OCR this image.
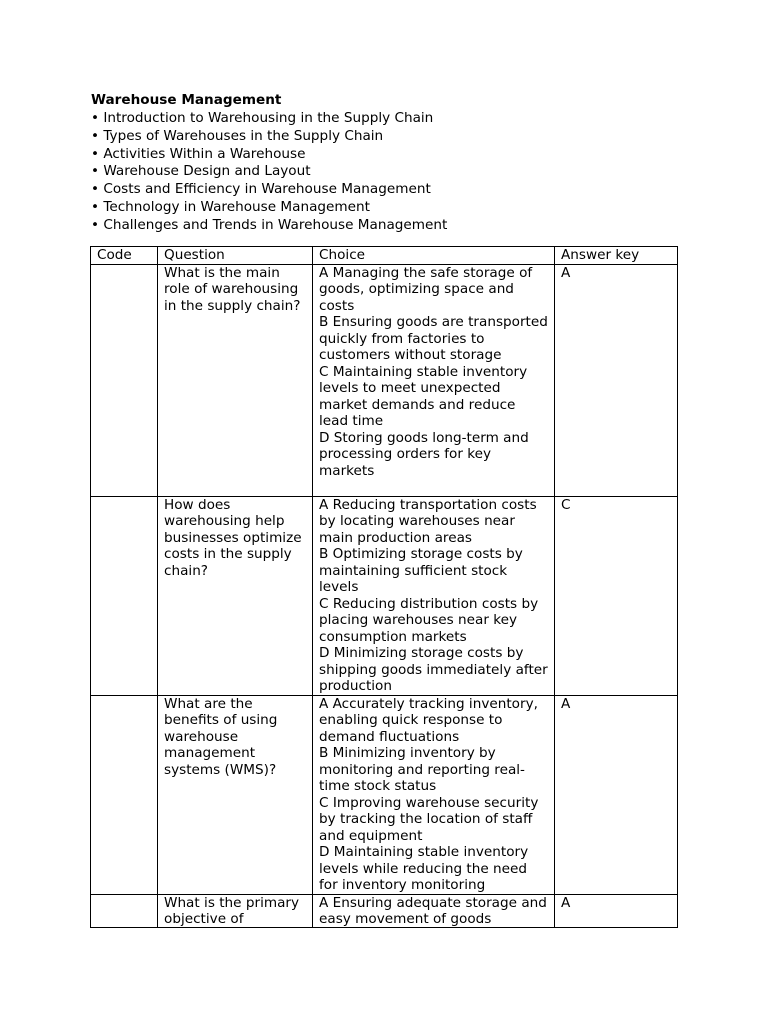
Warehouse Management
• Introduction to Warehousing in the Supply Chain
• Types of Warehouses in the Supply Chain
• Activities Within a Warehouse
• Warehouse Design and Layout
• Costs and Efficiency in Warehouse Management
• Technology in Warehouse Management
• Challenges and Trends in Warehouse Management
Code	Question	Choice	Answer key
	What is the main role of warehousing in the supply chain?	A Managing the safe storage of goods, optimizing space and costs
B Ensuring goods are transported quickly from factories to customers without storage
C Maintaining stable inventory levels to meet unexpected market demands and reduce lead time
D Storing goods long-term and processing orders for key markets	A
	How does warehousing help businesses optimize costs in the supply chain?	A Reducing transportation costs by locating warehouses near main production areas
B Optimizing storage costs by maintaining sufficient stock levels
C Reducing distribution costs by placing warehouses near key consumption markets
D Minimizing storage costs by shipping goods immediately after production	C
	What are the benefits of using warehouse management systems (WMS)?	A Accurately tracking inventory, enabling quick response to demand fluctuations
B Minimizing inventory by monitoring and reporting real-time stock status
C Improving warehouse security by tracking the location of staff and equipment
D Maintaining stable inventory levels while reducing the need for inventory monitoring	A

	What is the primary objective of	A Ensuring adequate storage and easy movement of goods	A
